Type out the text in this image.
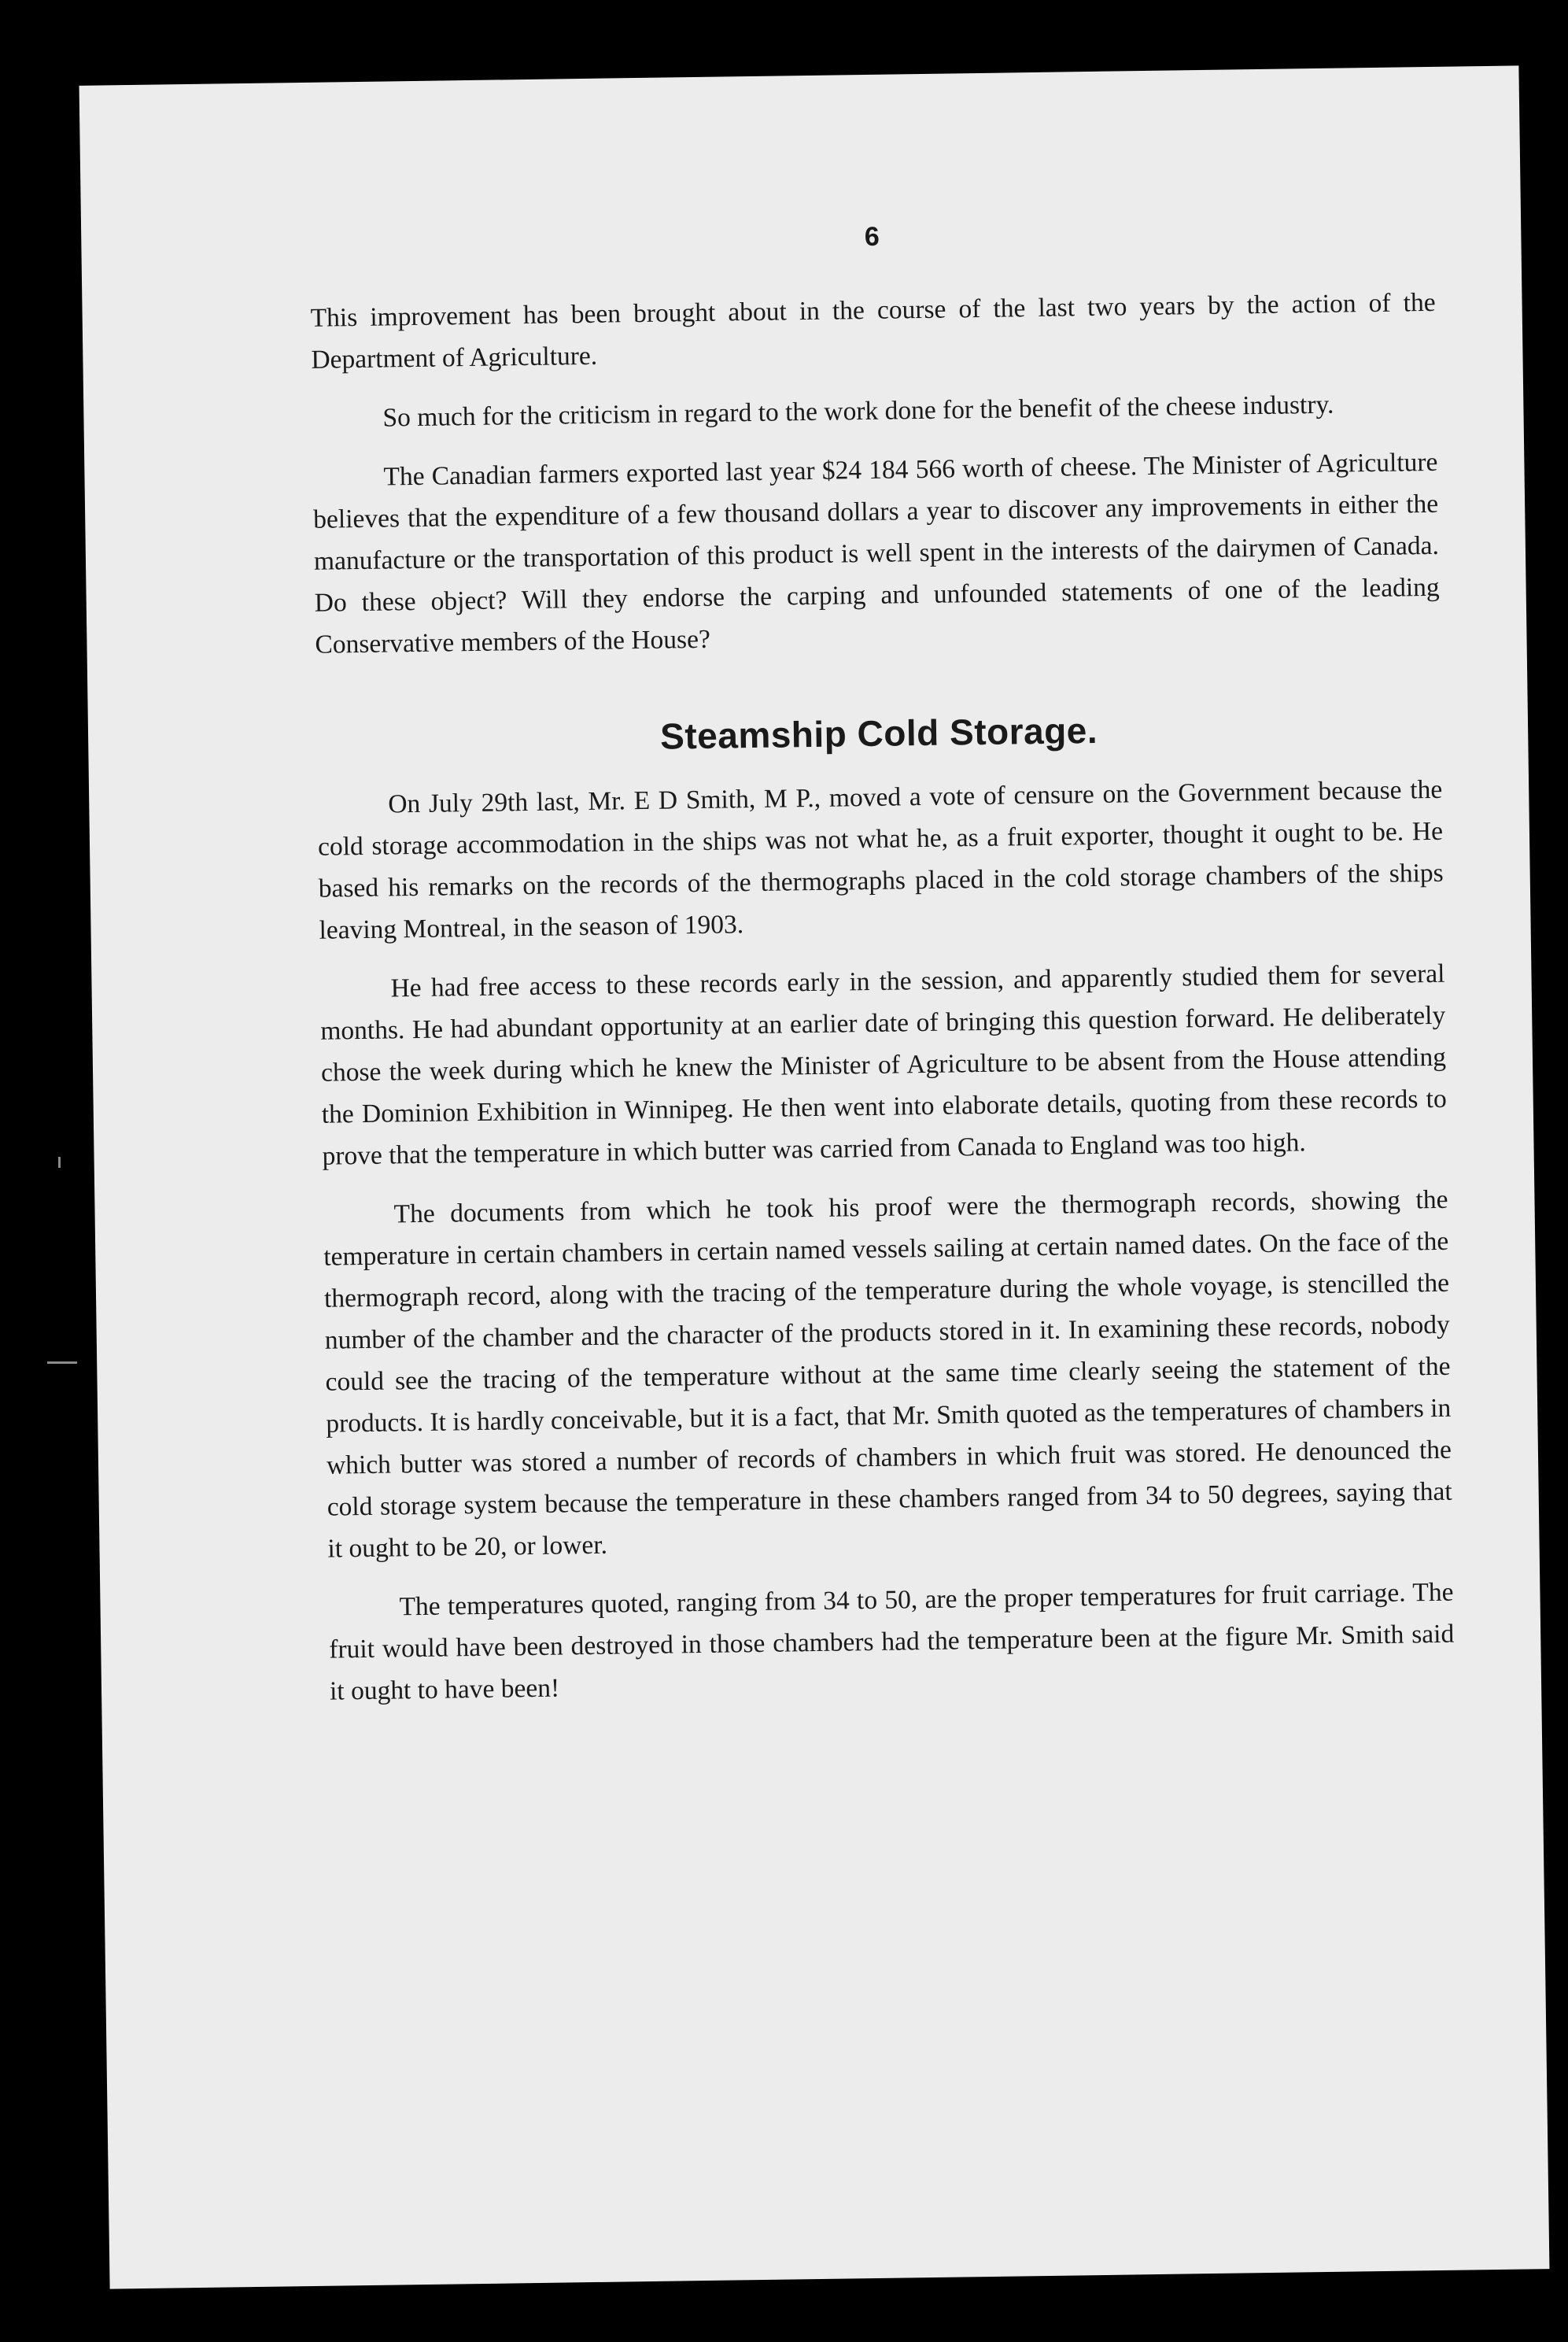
6

This improvement has been brought about in the course of the last two years by the action of the Department of Agriculture.

So much for the criticism in regard to the work done for the benefit of the cheese industry.

The Canadian farmers exported last year $24 184 566 worth of cheese. The Minister of Agriculture believes that the expenditure of a few thousand dollars a year to discover any improvements in either the manufacture or the transportation of this product is well spent in the interests of the dairymen of Canada. Do these object? Will they endorse the carping and unfounded statements of one of the leading Conservative members of the House?

Steamship Cold Storage.

On July 29th last, Mr. E D Smith, M P., moved a vote of censure on the Government because the cold storage accommodation in the ships was not what he, as a fruit exporter, thought it ought to be. He based his remarks on the records of the thermographs placed in the cold storage chambers of the ships leaving Montreal, in the season of 1903.

He had free access to these records early in the session, and apparently studied them for several months. He had abundant opportunity at an earlier date of bringing this question forward. He deliberately chose the week during which he knew the Minister of Agriculture to be absent from the House attending the Dominion Exhibition in Winnipeg. He then went into elaborate details, quoting from these records to prove that the temperature in which butter was carried from Canada to England was too high.

The documents from which he took his proof were the thermograph records, showing the temperature in certain chambers in certain named vessels sailing at certain named dates. On the face of the thermograph record, along with the tracing of the temperature during the whole voyage, is stencilled the number of the chamber and the character of the products stored in it. In examining these records, nobody could see the tracing of the temperature without at the same time clearly seeing the statement of the products. It is hardly conceivable, but it is a fact, that Mr. Smith quoted as the temperatures of chambers in which butter was stored a number of records of chambers in which fruit was stored. He denounced the cold storage system because the temperature in these chambers ranged from 34 to 50 degrees, saying that it ought to be 20, or lower.

The temperatures quoted, ranging from 34 to 50, are the proper temperatures for fruit carriage. The fruit would have been destroyed in those chambers had the temperature been at the figure Mr. Smith said it ought to have been!
